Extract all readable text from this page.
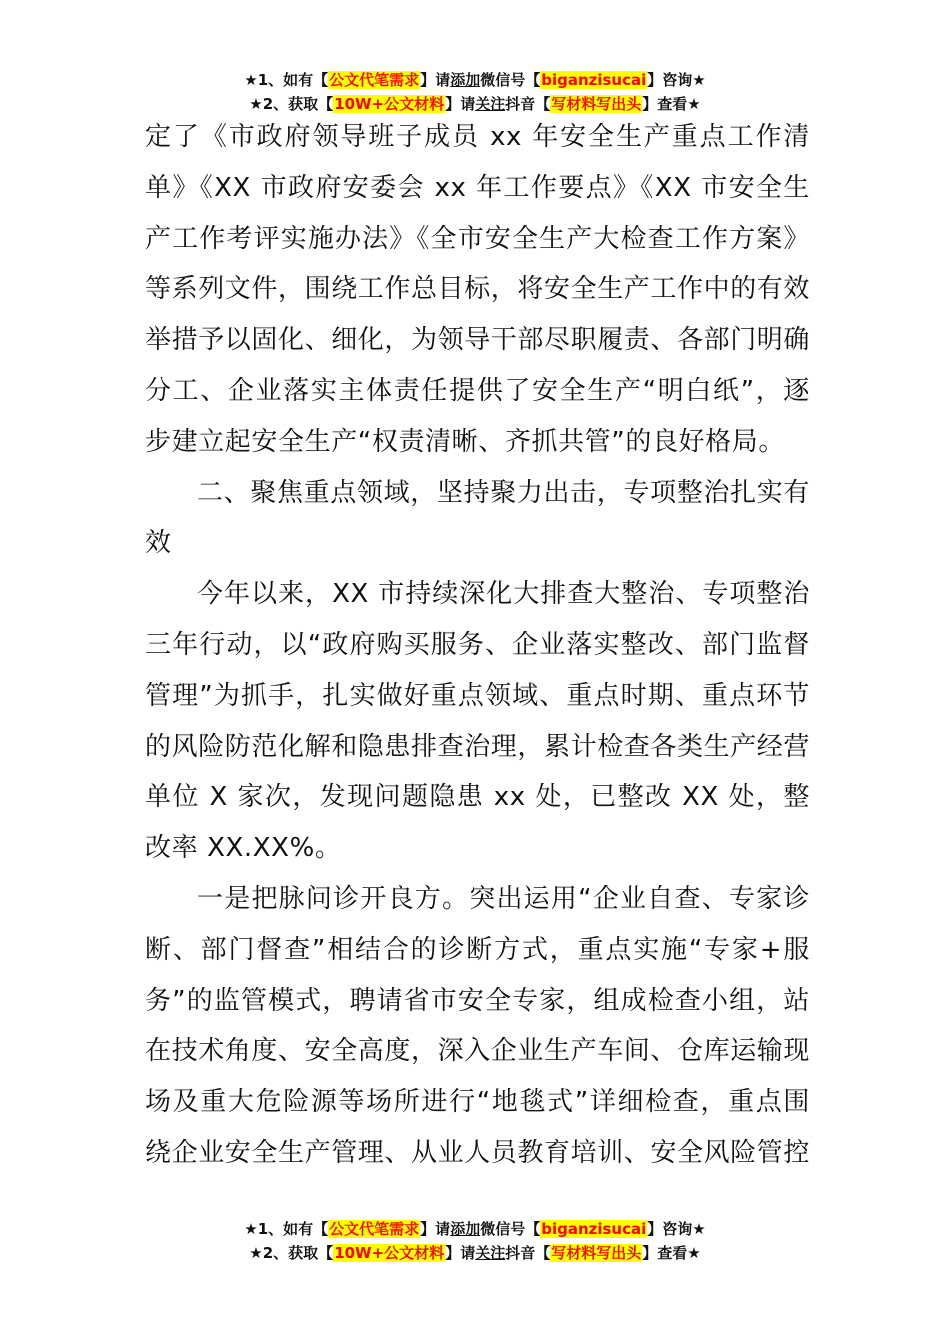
★1、如有【公文代笔需求】请添加微信号【biganzisucai】咨询★
★2、获取【10W+公文材料】请关注抖音【写材料写出头】查看★

定了《市政府领导班子成员 xx 年安全生产重点工作清单》《XX 市政府安委会 xx 年工作要点》《XX 市安全生产工作考评实施办法》《全市安全生产大检查工作方案》等系列文件，围绕工作总目标，将安全生产工作中的有效举措予以固化、细化，为领导干部尽职履责、各部门明确分工、企业落实主体责任提供了安全生产“明白纸”，逐步建立起安全生产“权责清晰、齐抓共管”的良好格局。

二、聚焦重点领域，坚持聚力出击，专项整治扎实有效

今年以来，XX 市持续深化大排查大整治、专项整治三年行动，以“政府购买服务、企业落实整改、部门监督管理”为抓手，扎实做好重点领域、重点时期、重点环节的风险防范化解和隐患排查治理，累计检查各类生产经营单位 X 家次，发现问题隐患 xx 处，已整改 XX 处，整改率 XX.XX%。

一是把脉问诊开良方。突出运用“企业自查、专家诊断、部门督查”相结合的诊断方式，重点实施“专家+服务”的监管模式，聘请省市安全专家，组成检查小组，站在技术角度、安全高度，深入企业生产车间、仓库运输现场及重大危险源等场所进行“地毯式”详细检查，重点围绕企业安全生产管理、从业人员教育培训、安全风险管控

★1、如有【公文代笔需求】请添加微信号【biganzisucai】咨询★
★2、获取【10W+公文材料】请关注抖音【写材料写出头】查看★
